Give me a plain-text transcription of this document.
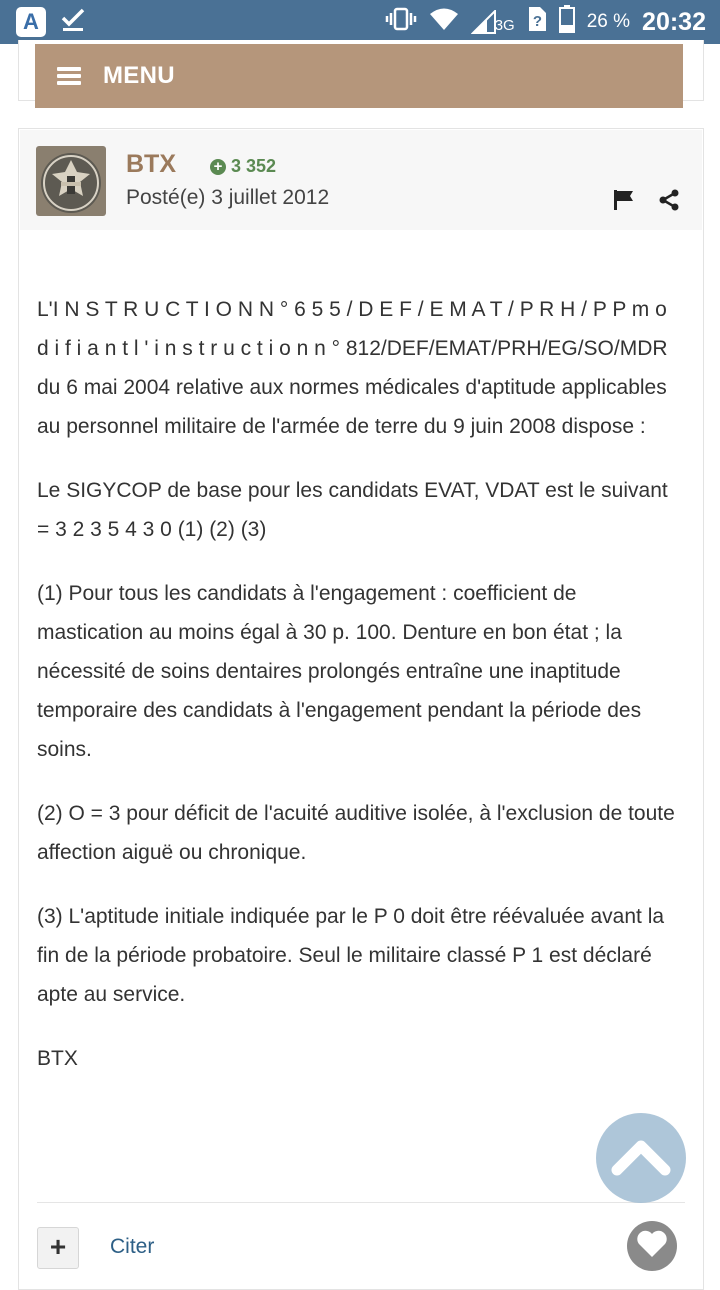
A	3G ? 26 % 20:32
MENU
BTX	+ 3 352
Posté(e) 3 juillet 2012

L'I N S T R U C T I O N N ° 6 5 5 / D E F / E M A T / P R H / P P m o d i f i a n t l ' i n s t r u c t i o n n ° 812/DEF/EMAT/PRH/EG/SO/MDR du 6 mai 2004 relative aux normes médicales d'aptitude applicables au personnel militaire de l'armée de terre du 9 juin 2008 dispose :

Le SIGYCOP de base pour les candidats EVAT, VDAT est le suivant = 3 2 3 5 4 3 0 (1) (2) (3)

(1) Pour tous les candidats à l'engagement : coefficient de mastication au moins égal à 30 p. 100. Denture en bon état ; la nécessité de soins dentaires prolongés entraîne une inaptitude temporaire des candidats à l'engagement pendant la période des soins.

(2) O = 3 pour déficit de l'acuité auditive isolée, à l'exclusion de toute affection aiguë ou chronique.

(3) L'aptitude initiale indiquée par le P 0 doit être réévaluée avant la fin de la période probatoire. Seul le militaire classé P 1 est déclaré apte au service.

BTX

+	Citer
